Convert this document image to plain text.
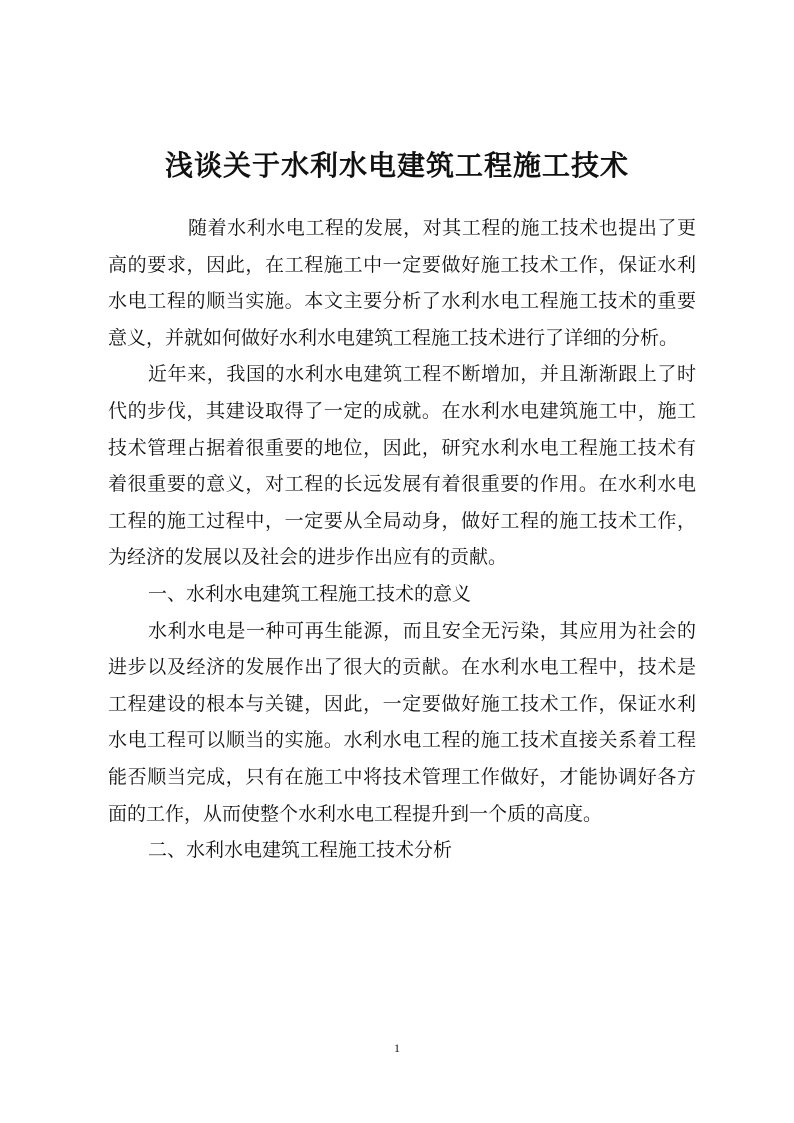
浅谈关于水利水电建筑工程施工技术

随着水利水电工程的发展，对其工程的施工技术也提出了更高的要求，因此，在工程施工中一定要做好施工技术工作，保证水利水电工程的顺当实施。本文主要分析了水利水电工程施工技术的重要意义，并就如何做好水利水电建筑工程施工技术进行了详细的分析。

近年来，我国的水利水电建筑工程不断增加，并且渐渐跟上了时代的步伐，其建设取得了一定的成就。在水利水电建筑施工中，施工技术管理占据着很重要的地位，因此，研究水利水电工程施工技术有着很重要的意义，对工程的长远发展有着很重要的作用。在水利水电工程的施工过程中，一定要从全局动身，做好工程的施工技术工作，为经济的发展以及社会的进步作出应有的贡献。

一、水利水电建筑工程施工技术的意义

水利水电是一种可再生能源，而且安全无污染，其应用为社会的进步以及经济的发展作出了很大的贡献。在水利水电工程中，技术是工程建设的根本与关键，因此，一定要做好施工技术工作，保证水利水电工程可以顺当的实施。水利水电工程的施工技术直接关系着工程能否顺当完成，只有在施工中将技术管理工作做好，才能协调好各方面的工作，从而使整个水利水电工程提升到一个质的高度。

二、水利水电建筑工程施工技术分析

1
